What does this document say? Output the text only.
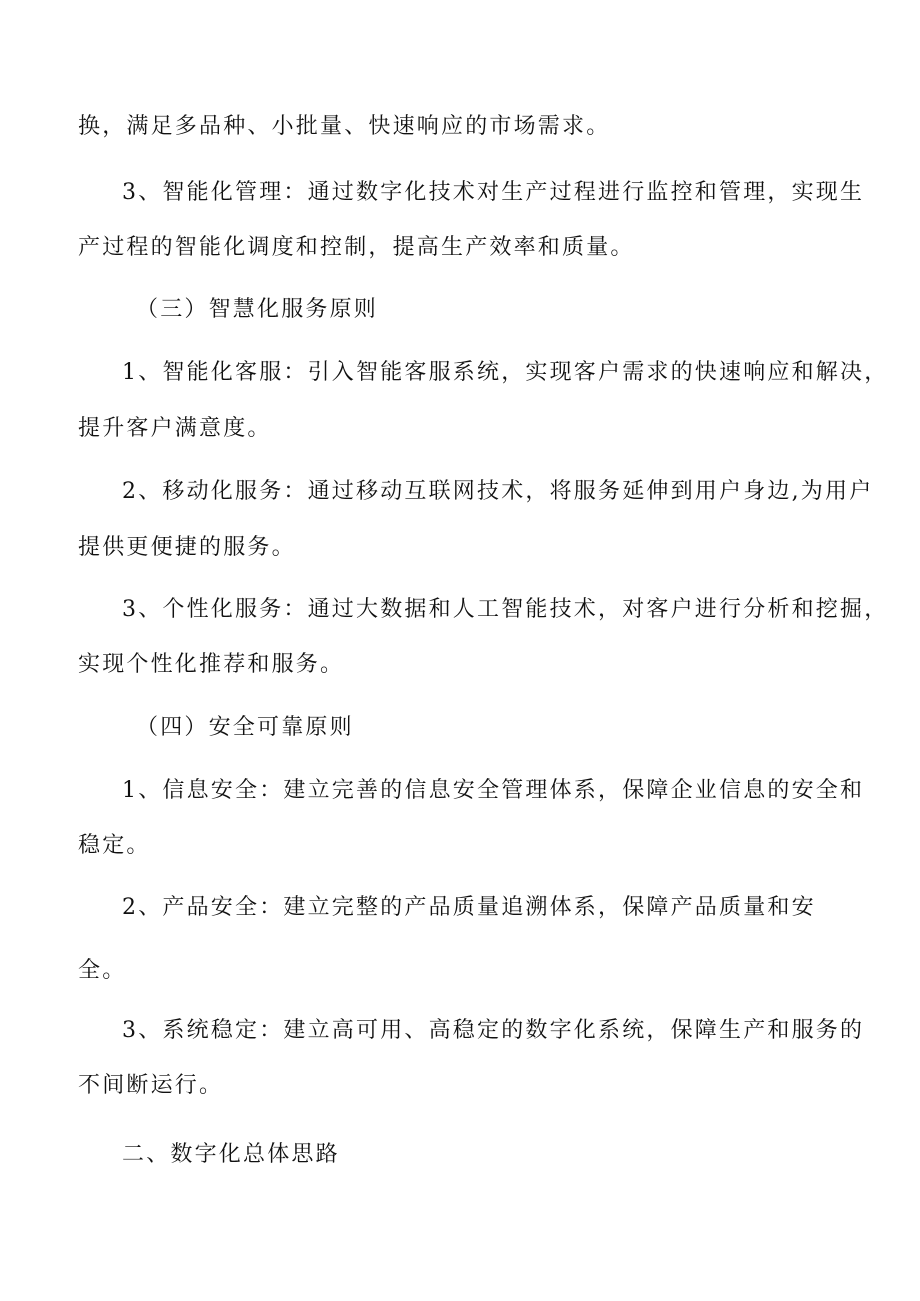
换，满足多品种、小批量、快速响应的市场需求。
3、智能化管理：通过数字化技术对生产过程进行监控和管理，实现生
产过程的智能化调度和控制，提高生产效率和质量。
（三）智慧化服务原则
1、智能化客服：引入智能客服系统，实现客户需求的快速响应和解决，
提升客户满意度。
2、移动化服务：通过移动互联网技术，将服务延伸到用户身边,为用户
提供更便捷的服务。
3、个性化服务：通过大数据和人工智能技术，对客户进行分析和挖掘，
实现个性化推荐和服务。
（四）安全可靠原则
1、信息安全：建立完善的信息安全管理体系，保障企业信息的安全和
稳定。
2、产品安全：建立完整的产品质量追溯体系，保障产品质量和安
全。
3、系统稳定：建立高可用、高稳定的数字化系统，保障生产和服务的
不间断运行。
二、数字化总体思路
